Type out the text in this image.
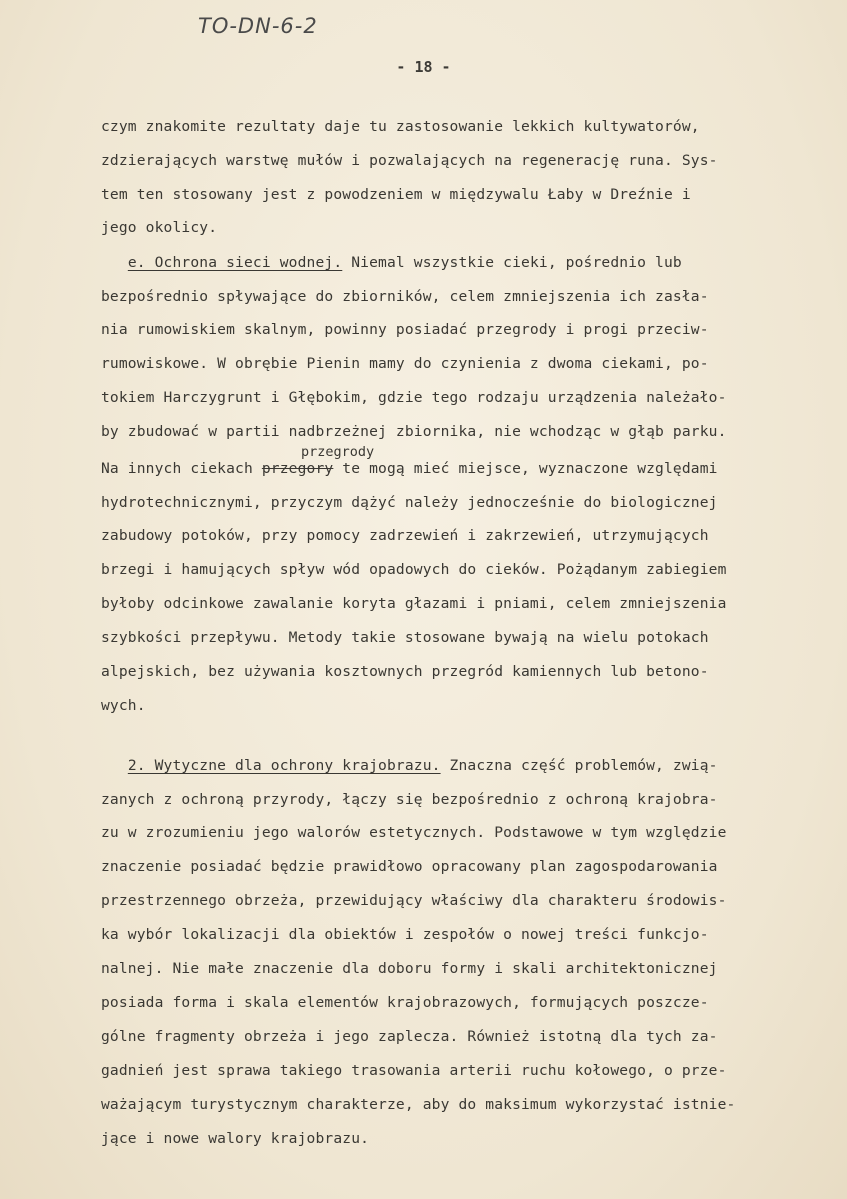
TO-DN-6-2
- 18 -
czym znakomite rezultaty daje tu zastosowanie lekkich kultywatorów,
zdzierających warstwę mułów i pozwalających na regenerację runa. Sys-
tem ten stosowany jest z powodzeniem w międzywalu Łaby w Dreźnie i
jego okolicy.
e. Ochrona sieci wodnej. Niemal wszystkie cieki, pośrednio lub
bezpośrednio spływające do zbiorników, celem zmniejszenia ich zasła-
nia rumowiskiem skalnym, powinny posiadać przegrody i progi przeciw-
rumowiskowe. W obrębie Pienin mamy do czynienia z dwoma ciekami, po-
tokiem Harczygrunt i Głębokim, gdzie tego rodzaju urządzenia należało-
by zbudować w partii nadbrzeżnej zbiornika, nie wchodząc w głąb parku.
przegrody
Na innych ciekach przegory te mogą mieć miejsce, wyznaczone względami
hydrotechnicznymi, przyczym dążyć należy jednocześnie do biologicznej
zabudowy potoków, przy pomocy zadrzewień i zakrzewień, utrzymujących
brzegi i hamujących spływ wód opadowych do cieków. Pożądanym zabiegiem
byłoby odcinkowe zawalanie koryta głazami i pniami, celem zmniejszenia
szybkości przepływu. Metody takie stosowane bywają na wielu potokach
alpejskich, bez używania kosztownych przegród kamiennych lub betono-
wych.
2. Wytyczne dla ochrony krajobrazu. Znaczna część problemów, zwią-
zanych z ochroną przyrody, łączy się bezpośrednio z ochroną krajobra-
zu w zrozumieniu jego walorów estetycznych. Podstawowe w tym względzie
znaczenie posiadać będzie prawidłowo opracowany plan zagospodarowania
przestrzennego obrzeża, przewidujący właściwy dla charakteru środowis-
ka wybór lokalizacji dla obiektów i zespołów o nowej treści funkcjo-
nalnej. Nie małe znaczenie dla doboru formy i skali architektonicznej
posiada forma i skala elementów krajobrazowych, formujących poszcze-
gólne fragmenty obrzeża i jego zaplecza. Również istotną dla tych za-
gadnień jest sprawa takiego trasowania arterii ruchu kołowego, o prze-
ważającym turystycznym charakterze, aby do maksimum wykorzystać istnie-
jące i nowe walory krajobrazu.
